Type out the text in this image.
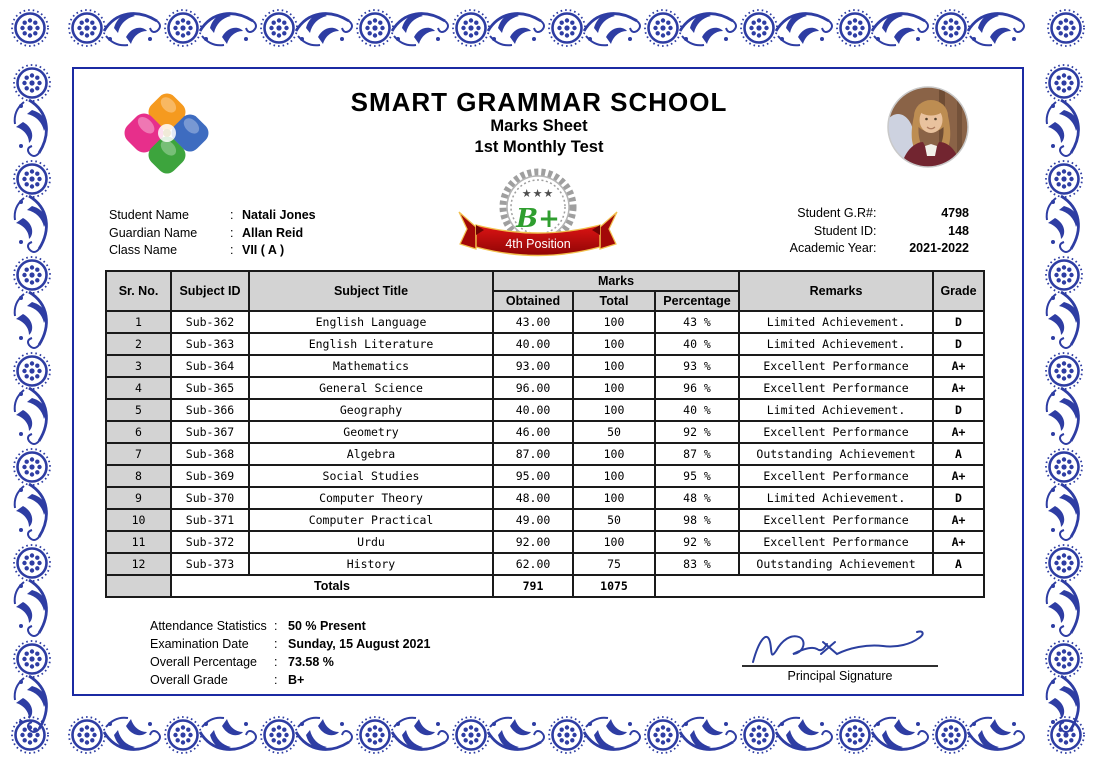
SMART GRAMMAR SCHOOL
Marks Sheet
1st Monthly Test
★★★
B+
4th Position
Student Name	: Natali Jones
Guardian Name	: Allan Reid
Class Name	: VII ( A )
Student G.R# :	4798
Student ID :	148
Academic Year :	2021-2022
Sr. No.	Subject ID	Subject Title	Marks			Remarks	Grade
			Obtained	Total	Percentage		
1	Sub-362	English Language	43.00	100	43 %	Limited Achievement.	D
2	Sub-363	English Literature	40.00	100	40 %	Limited Achievement.	D
3	Sub-364	Mathematics	93.00	100	93 %	Excellent Performance	A+
4	Sub-365	General Science	96.00	100	96 %	Excellent Performance	A+
5	Sub-366	Geography	40.00	100	40 %	Limited Achievement.	D
6	Sub-367	Geometry	46.00	50	92 %	Excellent Performance	A+
7	Sub-368	Algebra	87.00	100	87 %	Outstanding Achievement	A
8	Sub-369	Social Studies	95.00	100	95 %	Excellent Performance	A+
9	Sub-370	Computer Theory	48.00	100	48 %	Limited Achievement.	D
10	Sub-371	Computer Practical	49.00	50	98 %	Excellent Performance	A+
11	Sub-372	Urdu	92.00	100	92 %	Excellent Performance	A+
12	Sub-373	History	62.00	75	83 %	Outstanding Achievement	A
	Totals		791	1075			
Attendance Statistics : 50 % Present
Examination Date	: Sunday, 15 August 2021
Overall Percentage	: 73.58 %
Overall Grade	: B+	Principal Signature
